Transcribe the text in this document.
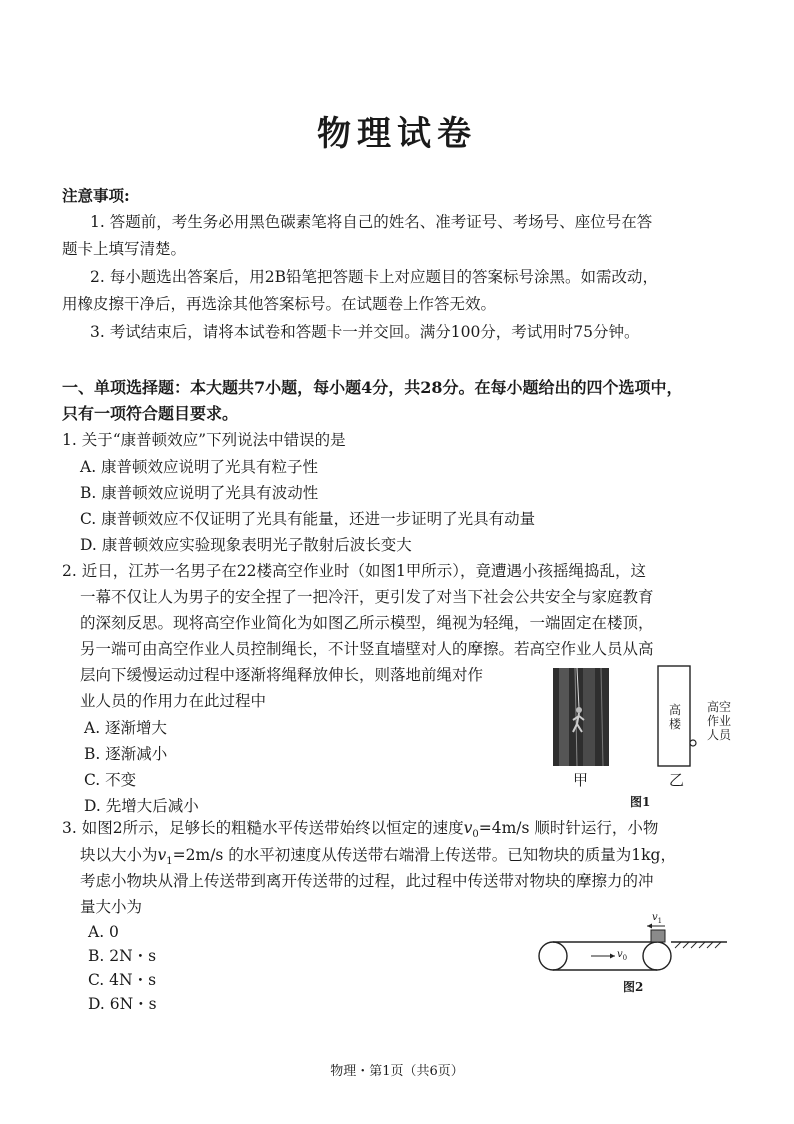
物理试卷
注意事项:
1. 答题前，考生务必用黑色碳素笔将自己的姓名、准考证号、考场号、座位号在答
题卡上填写清楚。
2. 每小题选出答案后，用2B铅笔把答题卡上对应题目的答案标号涂黑。如需改动，
用橡皮擦干净后，再选涂其他答案标号。在试题卷上作答无效。
3. 考试结束后，请将本试卷和答题卡一并交回。满分100分，考试用时75分钟。
一、单项选择题：本大题共7小题，每小题4分，共28分。在每小题给出的四个选项中，
只有一项符合题目要求。
1. 关于“康普顿效应”下列说法中错误的是
A. 康普顿效应说明了光具有粒子性
B. 康普顿效应说明了光具有波动性
C. 康普顿效应不仅证明了光具有能量，还进一步证明了光具有动量
D. 康普顿效应实验现象表明光子散射后波长变大
2. 近日，江苏一名男子在22楼高空作业时（如图1甲所示），竟遭遇小孩摇绳捣乱，这
一幕不仅让人为男子的安全捏了一把冷汗，更引发了对当下社会公共安全与家庭教育
的深刻反思。现将高空作业简化为如图乙所示模型，绳视为轻绳，一端固定在楼顶，
另一端可由高空作业人员控制绳长，不计竖直墙壁对人的摩擦。若高空作业人员从高
层向下缓慢运动过程中逐渐将绳释放伸长，则落地前绳对作
业人员的作用力在此过程中
A. 逐渐增大
B. 逐渐减小
C. 不变
D. 先增大后减小
甲
高
楼
高空
作业
人员
乙
图1
3. 如图2所示，足够长的粗糙水平传送带始终以恒定的速度$v_0=4m/s$ 顺时针运行，小物
块以大小为$v_1=2m/s$ 的水平初速度从传送带右端滑上传送带。已知物块的质量为1kg，
考虑小物块从滑上传送带到离开传送带的过程，此过程中传送带对物块的摩擦力的冲
量大小为
A. 0
B. 2N・s
C. 4N・s
D. 6N・s
$v_1$
$v_0$
图2
物理・第1页（共6页）
